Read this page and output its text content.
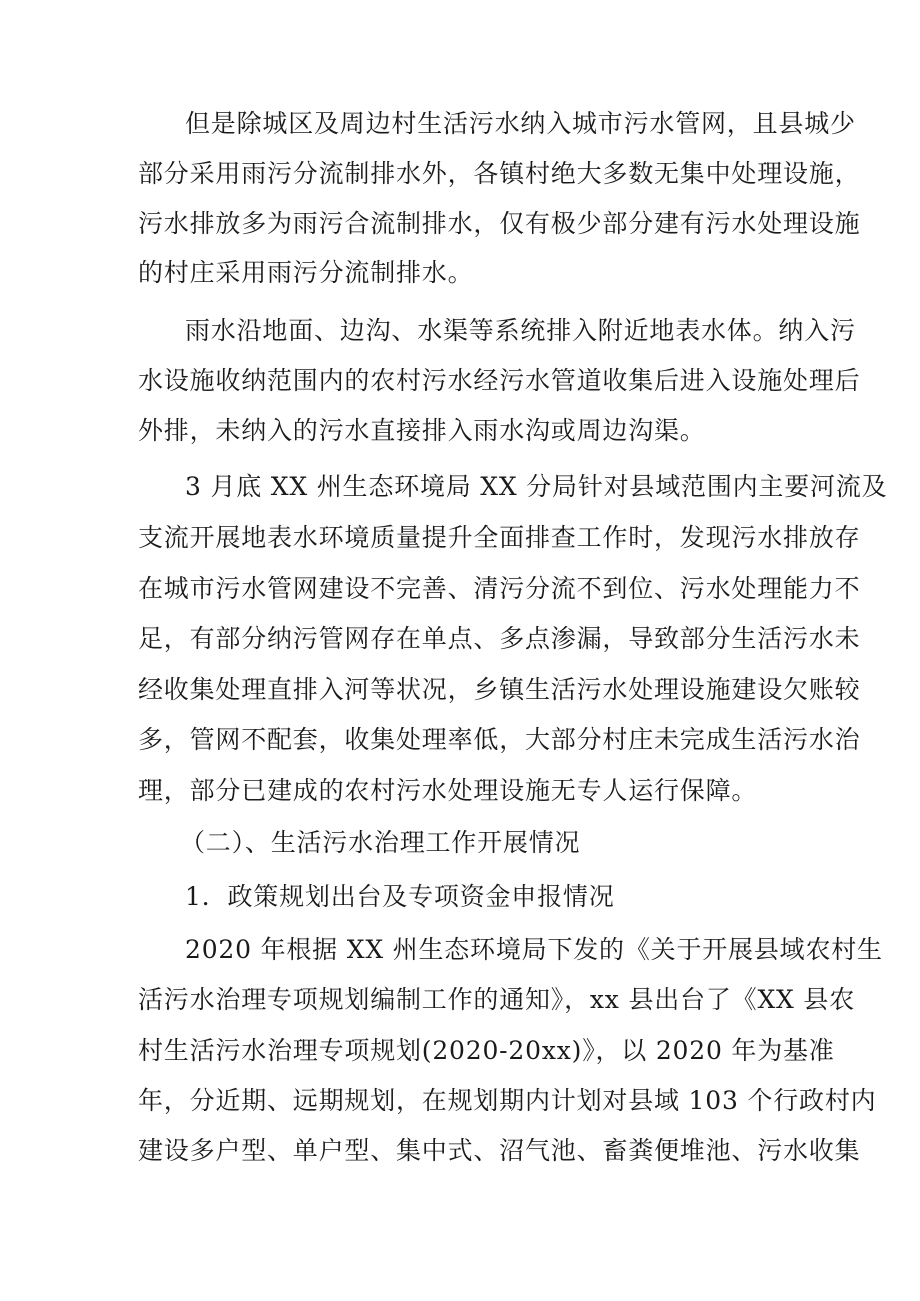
但是除城区及周边村生活污水纳入城市污水管网，且县城少
部分采用雨污分流制排水外，各镇村绝大多数无集中处理设施，
污水排放多为雨污合流制排水，仅有极少部分建有污水处理设施
的村庄采用雨污分流制排水。
雨水沿地面、边沟、水渠等系统排入附近地表水体。纳入污
水设施收纳范围内的农村污水经污水管道收集后进入设施处理后
外排，未纳入的污水直接排入雨水沟或周边沟渠。
3 月底 XX 州生态环境局 XX 分局针对县域范围内主要河流及
支流开展地表水环境质量提升全面排查工作时，发现污水排放存
在城市污水管网建设不完善、清污分流不到位、污水处理能力不
足，有部分纳污管网存在单点、多点渗漏，导致部分生活污水未
经收集处理直排入河等状况，乡镇生活污水处理设施建设欠账较
多，管网不配套，收集处理率低，大部分村庄未完成生活污水治
理，部分已建成的农村污水处理设施无专人运行保障。
（二）、生活污水治理工作开展情况
1．政策规划出台及专项资金申报情况
2020 年根据 XX 州生态环境局下发的《关于开展县域农村生
活污水治理专项规划编制工作的通知》，xx 县出台了《XX 县农
村生活污水治理专项规划(2020-20xx)》，以 2020 年为基准
年，分近期、远期规划，在规划期内计划对县域 103 个行政村内
建设多户型、单户型、集中式、沼气池、畜粪便堆池、污水收集
